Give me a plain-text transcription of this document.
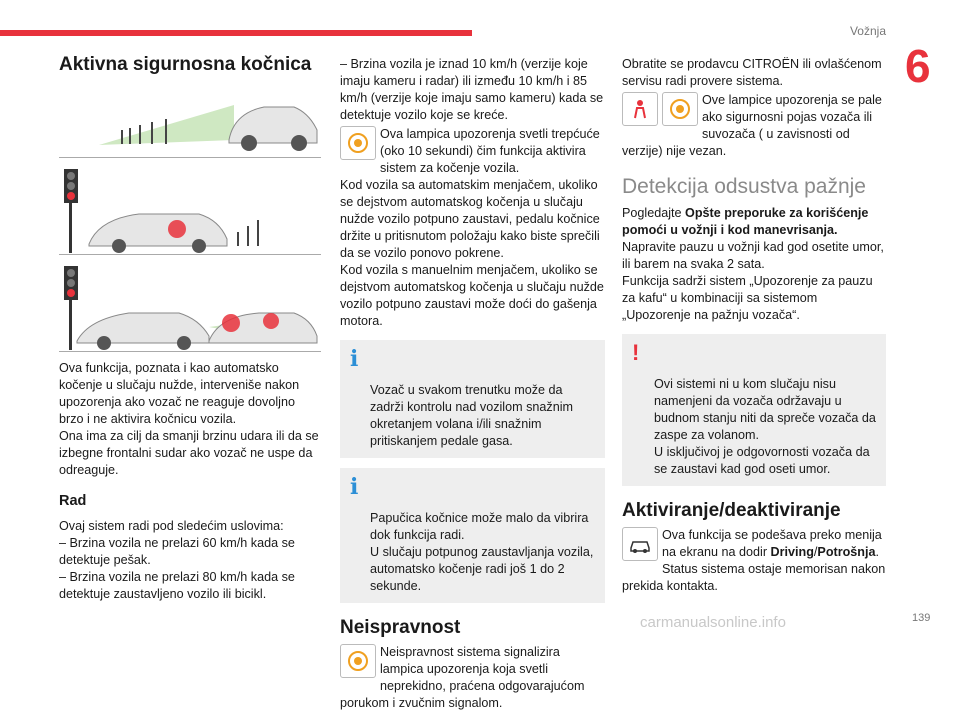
Vožnja
6
Aktivna sigurnosna kočnica

Ova funkcija, poznata i kao automatsko kočenje u slučaju nužde, interveniše nakon upozorenja ako vozač ne reaguje dovoljno brzo i ne aktivira kočnicu vozila.
Ona ima za cilj da smanji brzinu udara ili da se izbegne frontalni sudar ako vozač ne uspe da odreaguje.

Rad

Ovaj sistem radi pod sledećim uslovima:
– Brzina vozila ne prelazi 60 km/h kada se detektuje pešak.
– Brzina vozila ne prelazi 80 km/h kada se detektuje zaustavljeno vozilo ili bicikl.

– Brzina vozila je iznad 10 km/h (verzije koje imaju kameru i radar) ili između 10 km/h i 85 km/h (verzije koje imaju samo kameru) kada se detektuje vozilo koje se kreće.

Ova lampica upozorenja svetli trepćuće (oko 10 sekundi) čim funkcija aktivira sistem za kočenje vozila.
Kod vozila sa automatskim menjačem, ukoliko se dejstvom automatskog kočenja u slučaju nužde vozilo potpuno zaustavi, pedalu kočnice držite u pritisnutom položaju kako biste sprečili da se vozilo ponovo pokrene.
Kod vozila s manuelnim menjačem, ukoliko se dejstvom automatskog kočenja u slučaju nužde vozilo potpuno zaustavi može doći do gašenja motora.

i

Vozač u svakom trenutku može da zadrži kontrolu nad vozilom snažnim okretanjem volana i/ili snažnim pritiskanjem pedale gasa.

i

Papučica kočnice može malo da vibrira dok funkcija radi.
U slučaju potpunog zaustavljanja vozila, automatsko kočenje radi još 1 do 2 sekunde.

Neispravnost

Neispravnost sistema signalizira lampica upozorenja koja svetli neprekidno, praćena odgovarajućom porukom i zvučnim signalom.

Obratite se prodavcu CITROËN ili ovlašćenom servisu radi provere sistema.

Ove lampice upozorenja se pale ako sigurnosni pojas vozača ili suvozača ( u zavisnosti od verzije) nije vezan.

Detekcija odsustva pažnje

Pogledajte Opšte preporuke za korišćenje pomoći u vožnji i kod manevrisanja.

Napravite pauzu u vožnji kad god osetite umor, ili barem na svaka 2 sata.
Funkcija sadrži sistem „Upozorenje za pauzu za kafu“ u kombinaciji sa sistemom „Upozorenje na pažnju vozača“.

!

Ovi sistemi ni u kom slučaju nisu namenjeni da vozača održavaju u budnom stanju niti da spreče vozača da zaspe za volanom.
U isključivoj je odgovornosti vozača da se zaustavi kad god oseti umor.

Aktiviranje/deaktiviranje

Ova funkcija se podešava preko menija na ekranu na dodir Driving/Potrošnja.

Status sistema ostaje memorisan nakon prekida kontakta.

carmanualsonline.info	139
